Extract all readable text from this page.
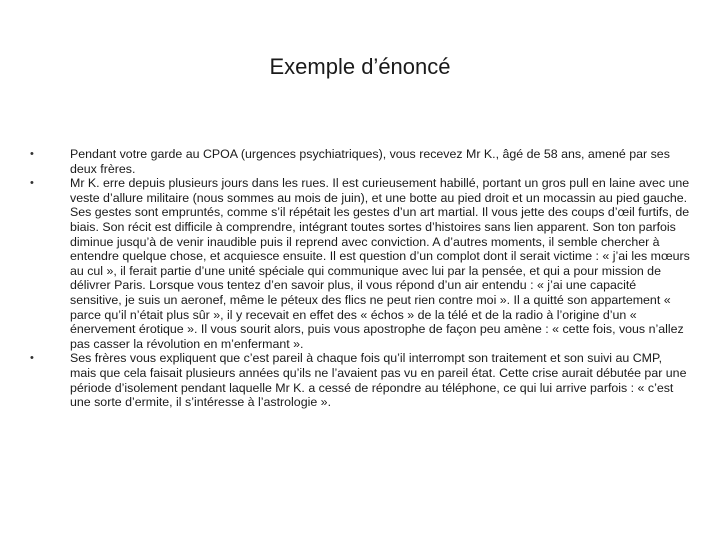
Exemple d’énoncé
•	Pendant votre garde au CPOA (urgences psychiatriques), vous recevez Mr K., âgé de 58 ans, amené par ses deux frères.
•	Mr K. erre depuis plusieurs jours dans les rues. Il est curieusement habillé, portant un gros pull en laine avec une veste d’allure militaire (nous sommes au mois de juin), et une botte au pied droit et un mocassin au pied gauche. Ses gestes sont empruntés, comme s’il répétait les gestes d’un art martial. Il vous jette des coups d’œil furtifs, de biais. Son récit est difficile à comprendre, intégrant toutes sortes d’histoires sans lien apparent. Son ton parfois diminue jusqu’à de venir inaudible puis il reprend avec conviction. A d’autres moments, il semble chercher à entendre quelque chose, et acquiesce ensuite. Il est question d’un complot dont il serait victime : « j’ai les mœurs au cul », il ferait partie d’une unité spéciale qui communique avec lui par la pensée, et qui a pour mission de délivrer Paris. Lorsque vous tentez d’en savoir plus, il vous répond d’un air entendu : « j’ai une capacité sensitive, je suis un aeronef, même le péteux des flics ne peut rien contre moi ». Il a quitté son appartement « parce qu’il n’était plus sûr », il y recevait en effet des « échos » de la télé et de la radio à l’origine d’un « énervement érotique ». Il vous sourit alors, puis vous apostrophe de façon peu amène : « cette fois, vous n’allez pas casser la révolution en m’enfermant ».
•	Ses frères vous expliquent que c’est pareil à chaque fois qu’il interrompt son traitement et son suivi au CMP, mais que cela faisait plusieurs années qu’ils ne l’avaient pas vu en pareil état. Cette crise aurait débutée par une période d’isolement pendant laquelle Mr K. a cessé de répondre au téléphone, ce qui lui arrive parfois : « c’est une sorte d’ermite, il s’intéresse à l’astrologie ».
